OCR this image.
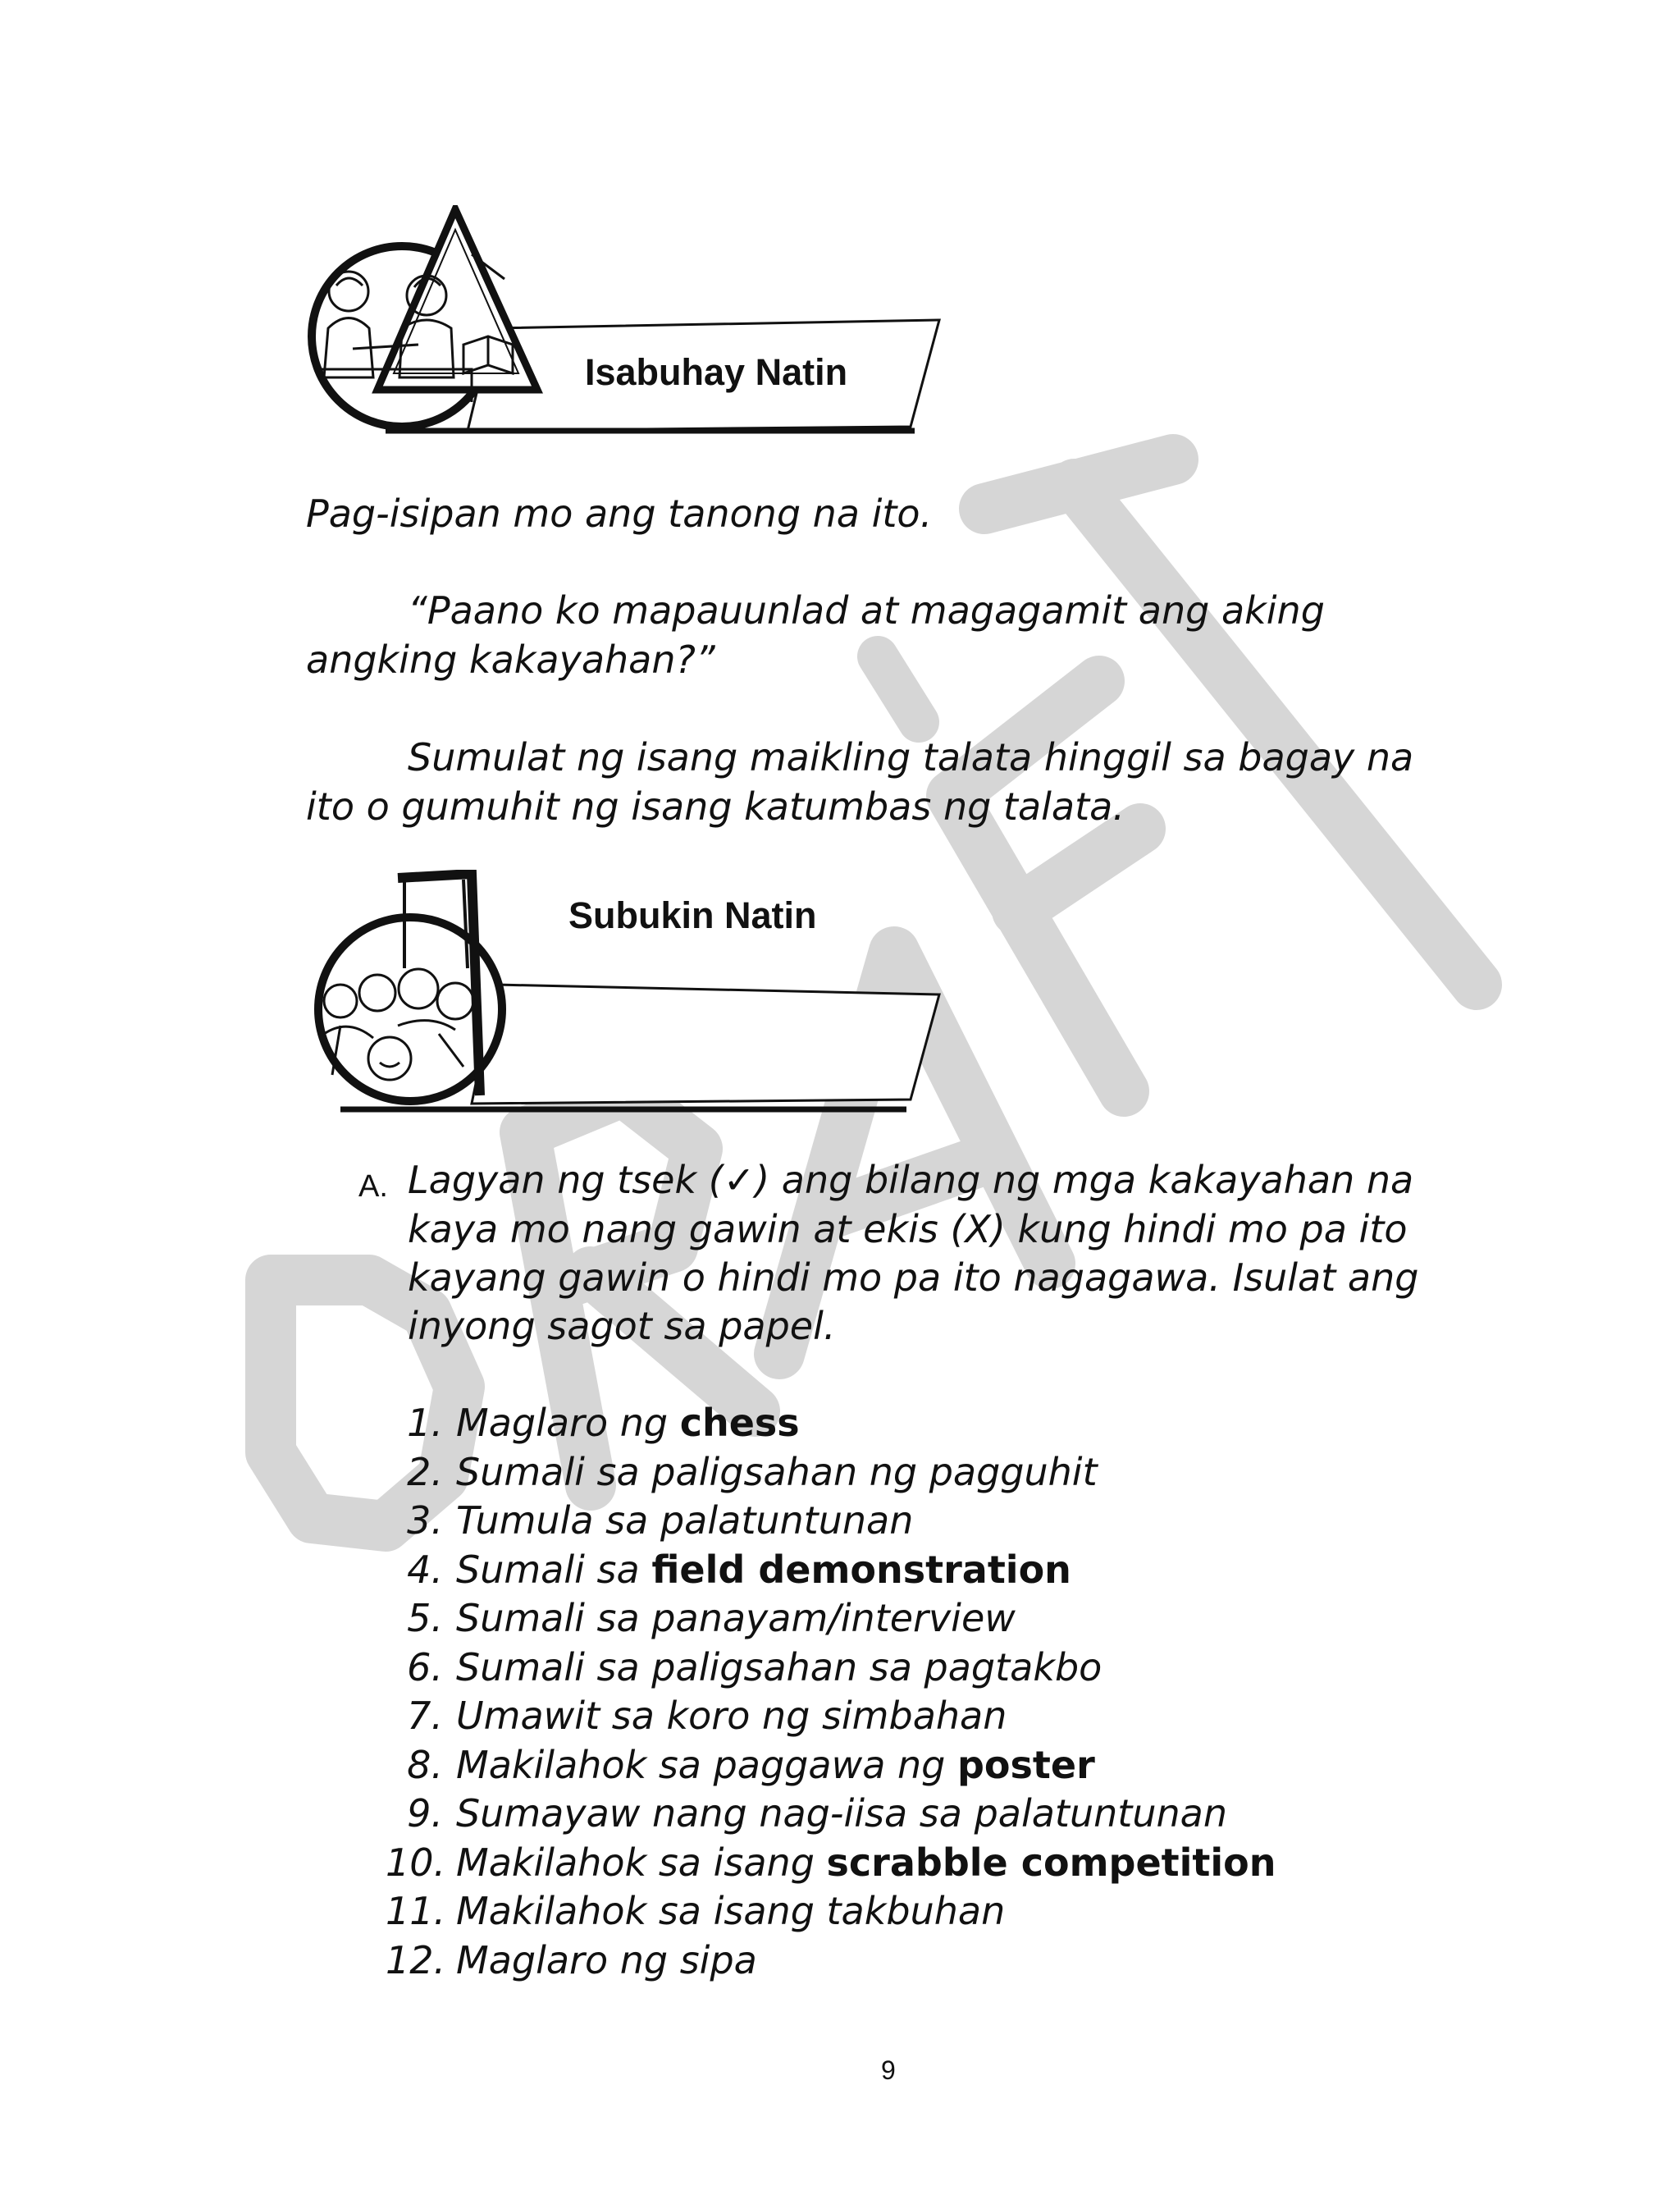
Isabuhay Natin
Pag-isipan mo ang tanong na ito.
“Paano ko mapauunlad at magagamit ang aking
angking kakayahan?”
Sumulat ng isang maikling talata hinggil sa bagay na
ito o gumuhit ng isang katumbas ng talata.
Subukin Natin
A. Lagyan ng tsek (✓) ang bilang ng mga kakayahan na
kaya mo nang gawin at ekis (X) kung hindi mo pa ito
kayang gawin o hindi mo pa ito nagagawa. Isulat ang
inyong sagot sa papel.
1. Maglaro ng chess
2. Sumali sa paligsahan ng pagguhit
3. Tumula sa palatuntunan
4. Sumali sa field demonstration
5. Sumali sa panayam/interview
6. Sumali sa paligsahan sa pagtakbo
7. Umawit sa koro ng simbahan
8. Makilahok sa paggawa ng poster
9. Sumayaw nang nag-iisa sa palatuntunan
10. Makilahok sa isang scrabble competition
11. Makilahok sa isang takbuhan
12. Maglaro ng sipa
9
